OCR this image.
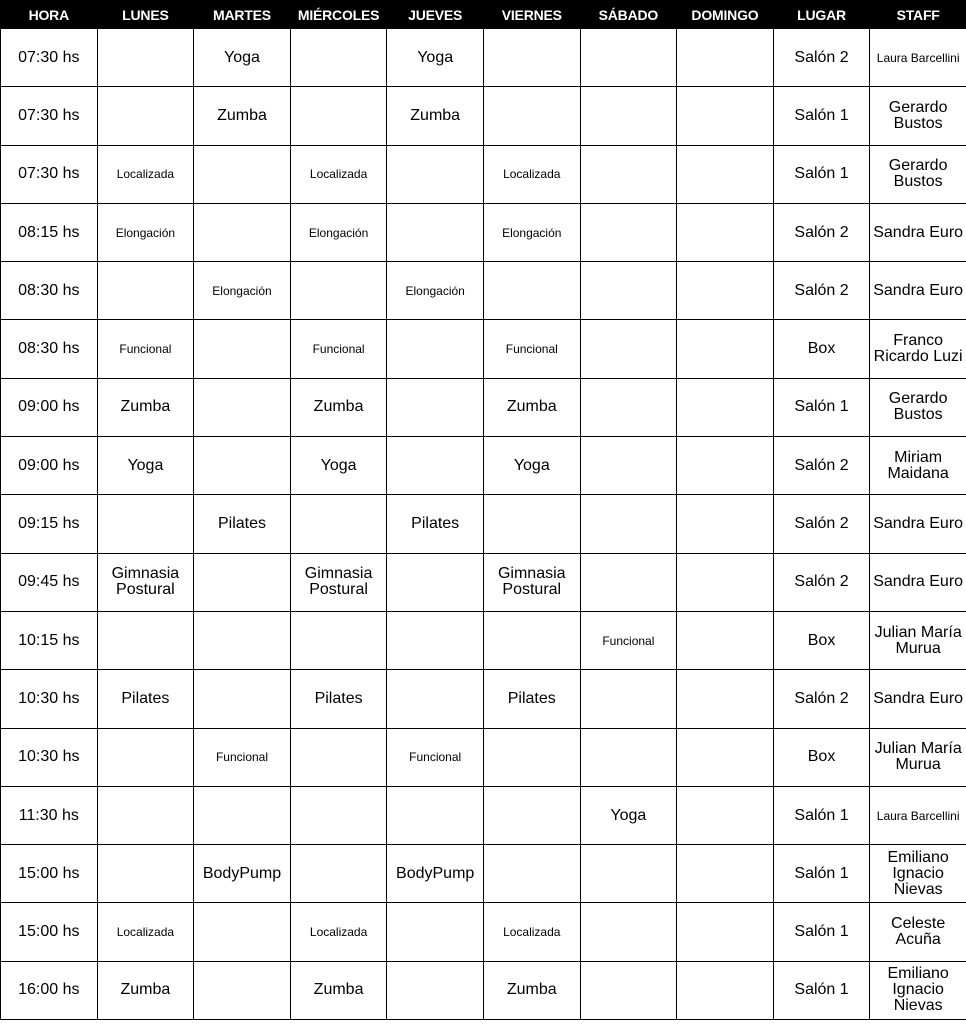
HORA	LUNES	MARTES	MIÉRCOLES	JUEVES	VIERNES	SÁBADO	DOMINGO	LUGAR	STAFF
07:30 hs		Yoga		Yoga				Salón 2	Laura Barcellini
07:30 hs		Zumba		Zumba				Salón 1	Gerardo Bustos
07:30 hs	Localizada		Localizada		Localizada			Salón 1	Gerardo Bustos
08:15 hs	Elongación		Elongación		Elongación			Salón 2	Sandra Euro
08:30 hs		Elongación		Elongación				Salón 2	Sandra Euro
08:30 hs	Funcional		Funcional		Funcional			Box	Franco Ricardo Luzi
09:00 hs	Zumba		Zumba		Zumba			Salón 1	Gerardo Bustos
09:00 hs	Yoga		Yoga		Yoga			Salón 2	Miriam Maidana
09:15 hs		Pilates		Pilates				Salón 2	Sandra Euro
09:45 hs	Gimnasia Postural		Gimnasia Postural		Gimnasia Postural			Salón 2	Sandra Euro
10:15 hs						Funcional		Box	Julian María Murua
10:30 hs	Pilates		Pilates		Pilates			Salón 2	Sandra Euro
10:30 hs		Funcional		Funcional				Box	Julian María Murua
11:30 hs						Yoga		Salón 1	Laura Barcellini
15:00 hs		BodyPump		BodyPump				Salón 1	Emiliano Ignacio Nievas
15:00 hs	Localizada		Localizada		Localizada			Salón 1	Celeste Acuña
16:00 hs	Zumba		Zumba		Zumba			Salón 1	Emiliano Ignacio Nievas
